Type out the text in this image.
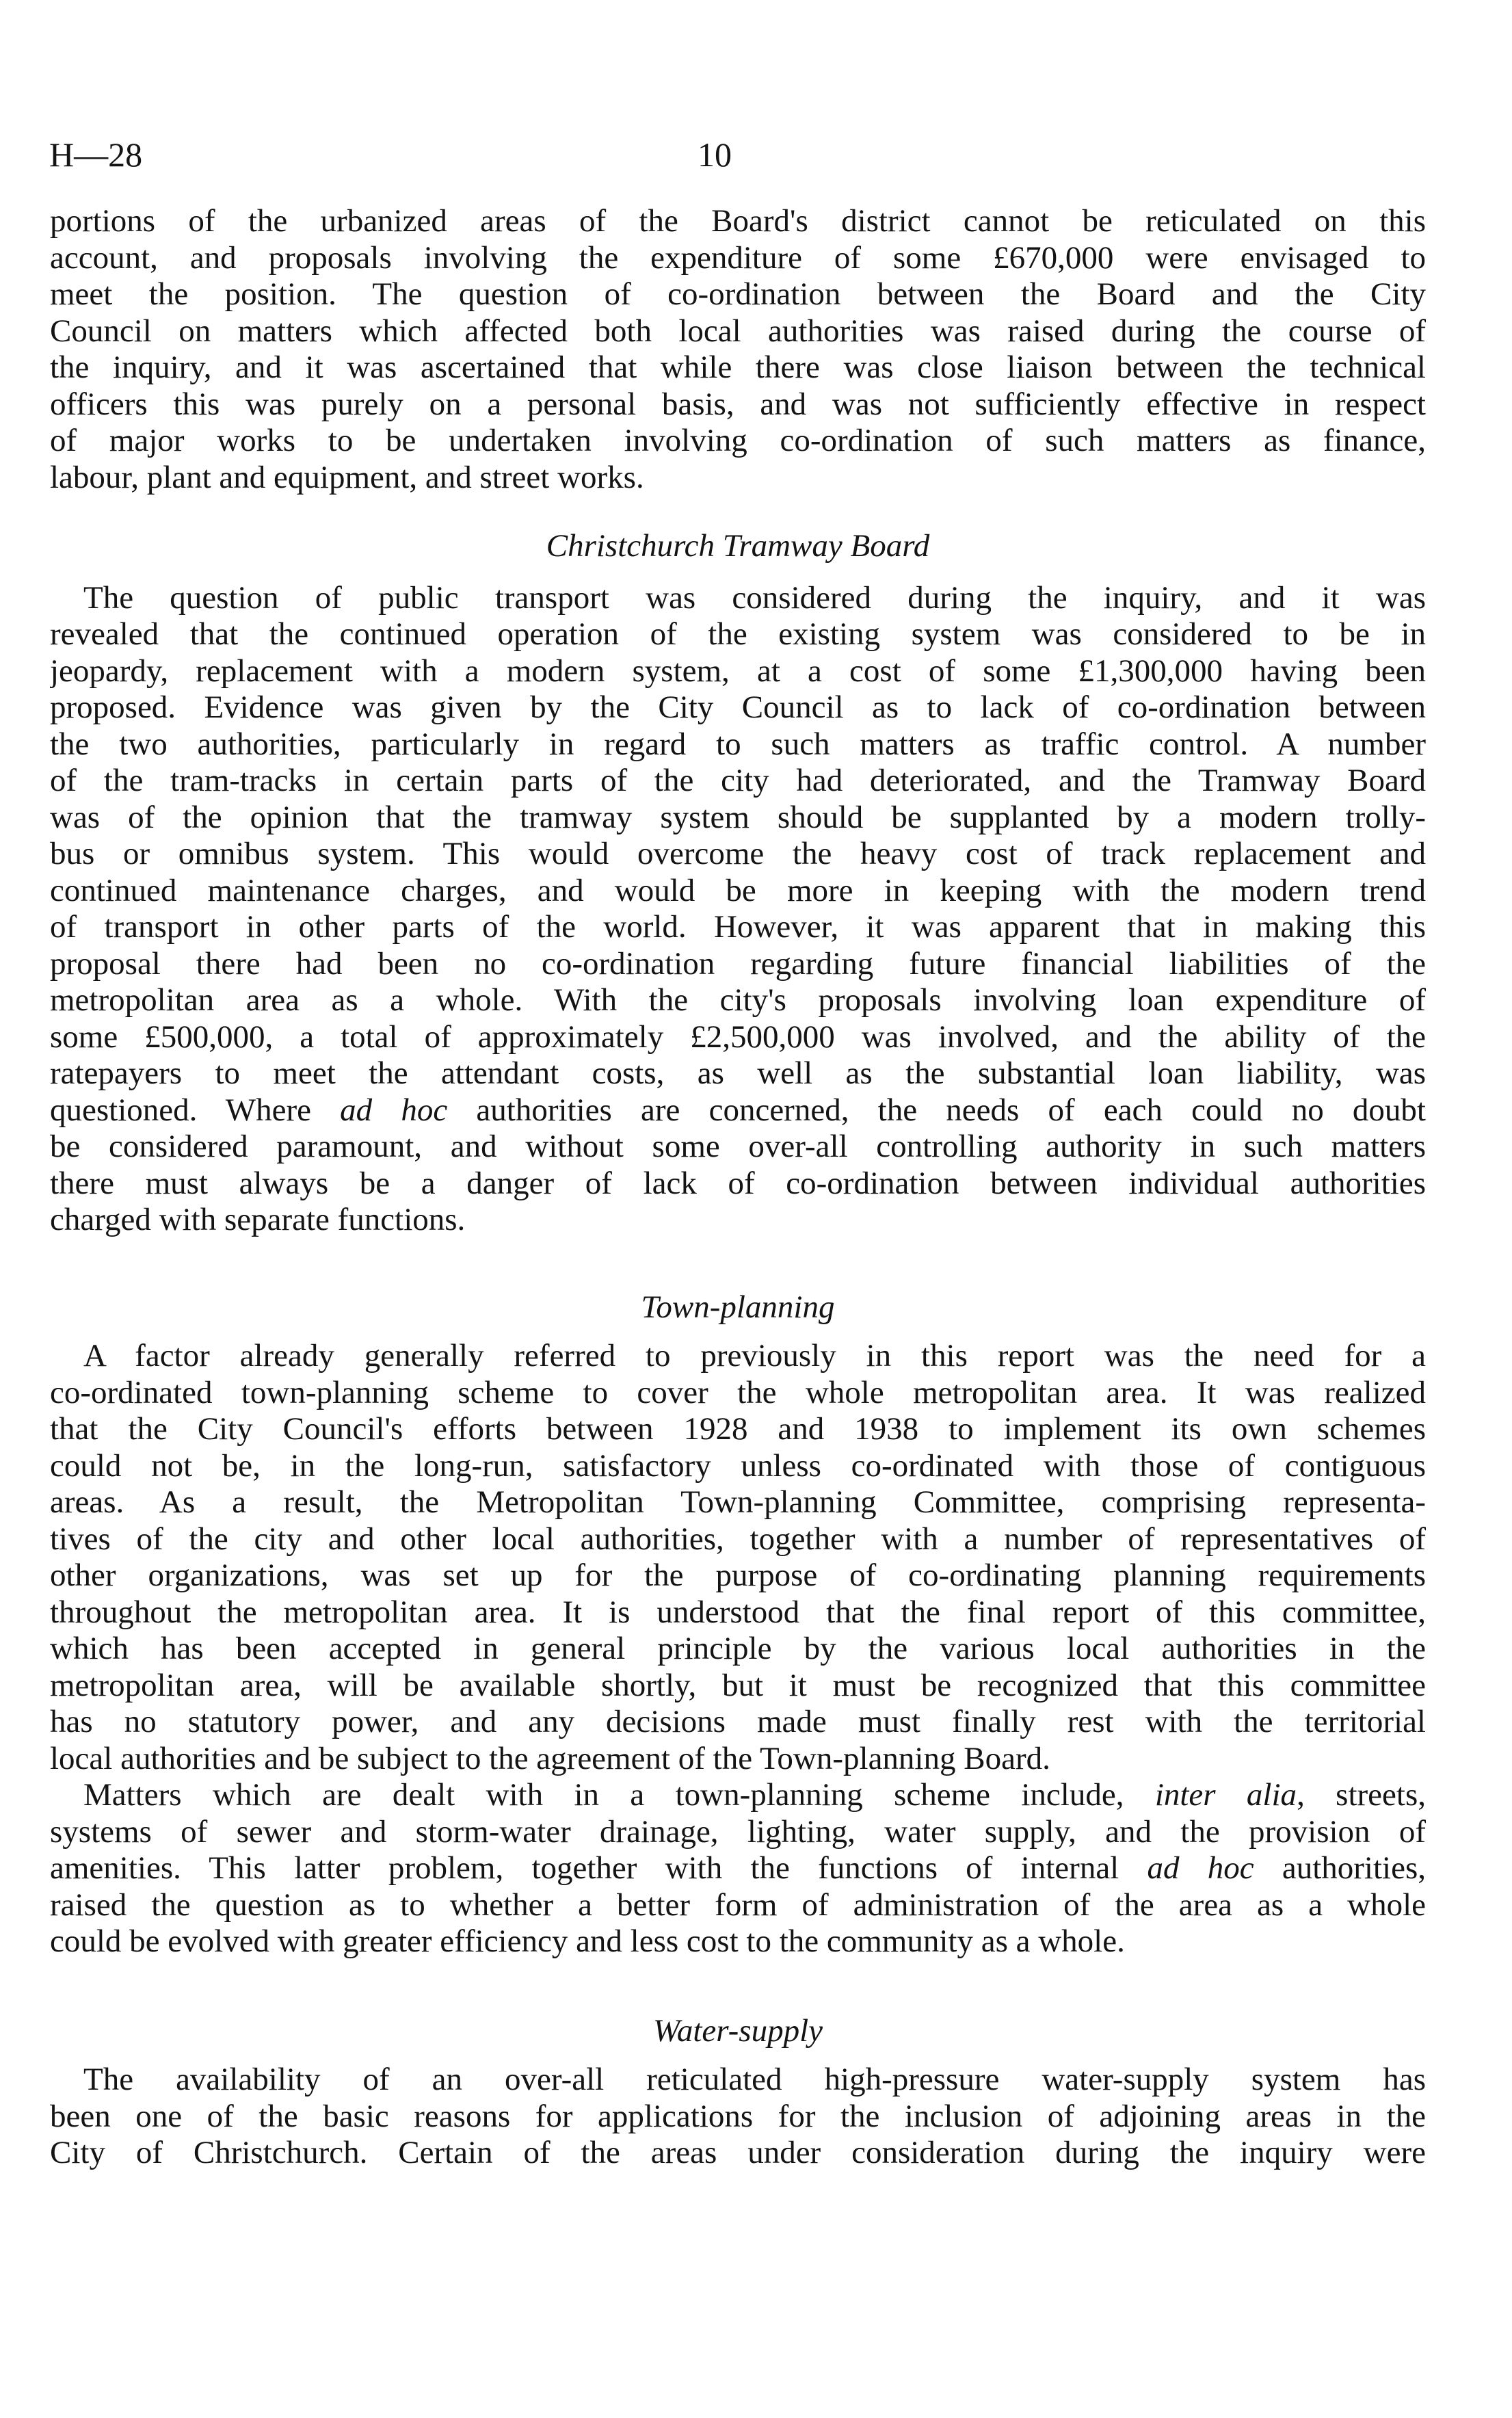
H—28	10
portions of the urbanized areas of the Board's district cannot be reticulated on this
account, and proposals involving the expenditure of some £670,000 were envisaged to
meet the position. The question of co-ordination between the Board and the City
Council on matters which affected both local authorities was raised during the course of
the inquiry, and it was ascertained that while there was close liaison between the technical
officers this was purely on a personal basis, and was not sufficiently effective in respect
of major works to be undertaken involving co-ordination of such matters as finance,
labour, plant and equipment, and street works.
Christchurch Tramway Board
The question of public transport was considered during the inquiry, and it was
revealed that the continued operation of the existing system was considered to be in
jeopardy, replacement with a modern system, at a cost of some £1,300,000 having been
proposed. Evidence was given by the City Council as to lack of co-ordination between
the two authorities, particularly in regard to such matters as traffic control. A number
of the tram-tracks in certain parts of the city had deteriorated, and the Tramway Board
was of the opinion that the tramway system should be supplanted by a modern trolly-
bus or omnibus system. This would overcome the heavy cost of track replacement and
continued maintenance charges, and would be more in keeping with the modern trend
of transport in other parts of the world. However, it was apparent that in making this
proposal there had been no co-ordination regarding future financial liabilities of the
metropolitan area as a whole. With the city's proposals involving loan expenditure of
some £500,000, a total of approximately £2,500,000 was involved, and the ability of the
ratepayers to meet the attendant costs, as well as the substantial loan liability, was
questioned. Where ad hoc authorities are concerned, the needs of each could no doubt
be considered paramount, and without some over-all controlling authority in such matters
there must always be a danger of lack of co-ordination between individual authorities
charged with separate functions.
Town-planning
A factor already generally referred to previously in this report was the need for a
co-ordinated town-planning scheme to cover the whole metropolitan area. It was realized
that the City Council's efforts between 1928 and 1938 to implement its own schemes
could not be, in the long-run, satisfactory unless co-ordinated with those of contiguous
areas. As a result, the Metropolitan Town-planning Committee, comprising representa-
tives of the city and other local authorities, together with a number of representatives of
other organizations, was set up for the purpose of co-ordinating planning requirements
throughout the metropolitan area. It is understood that the final report of this committee,
which has been accepted in general principle by the various local authorities in the
metropolitan area, will be available shortly, but it must be recognized that this committee
has no statutory power, and any decisions made must finally rest with the territorial
local authorities and be subject to the agreement of the Town-planning Board.
Matters which are dealt with in a town-planning scheme include, inter alia, streets,
systems of sewer and storm-water drainage, lighting, water supply, and the provision of
amenities. This latter problem, together with the functions of internal ad hoc authorities,
raised the question as to whether a better form of administration of the area as a whole
could be evolved with greater efficiency and less cost to the community as a whole.
Water-supply
The availability of an over-all reticulated high-pressure water-supply system has
been one of the basic reasons for applications for the inclusion of adjoining areas in the
City of Christchurch. Certain of the areas under consideration during the inquiry were
